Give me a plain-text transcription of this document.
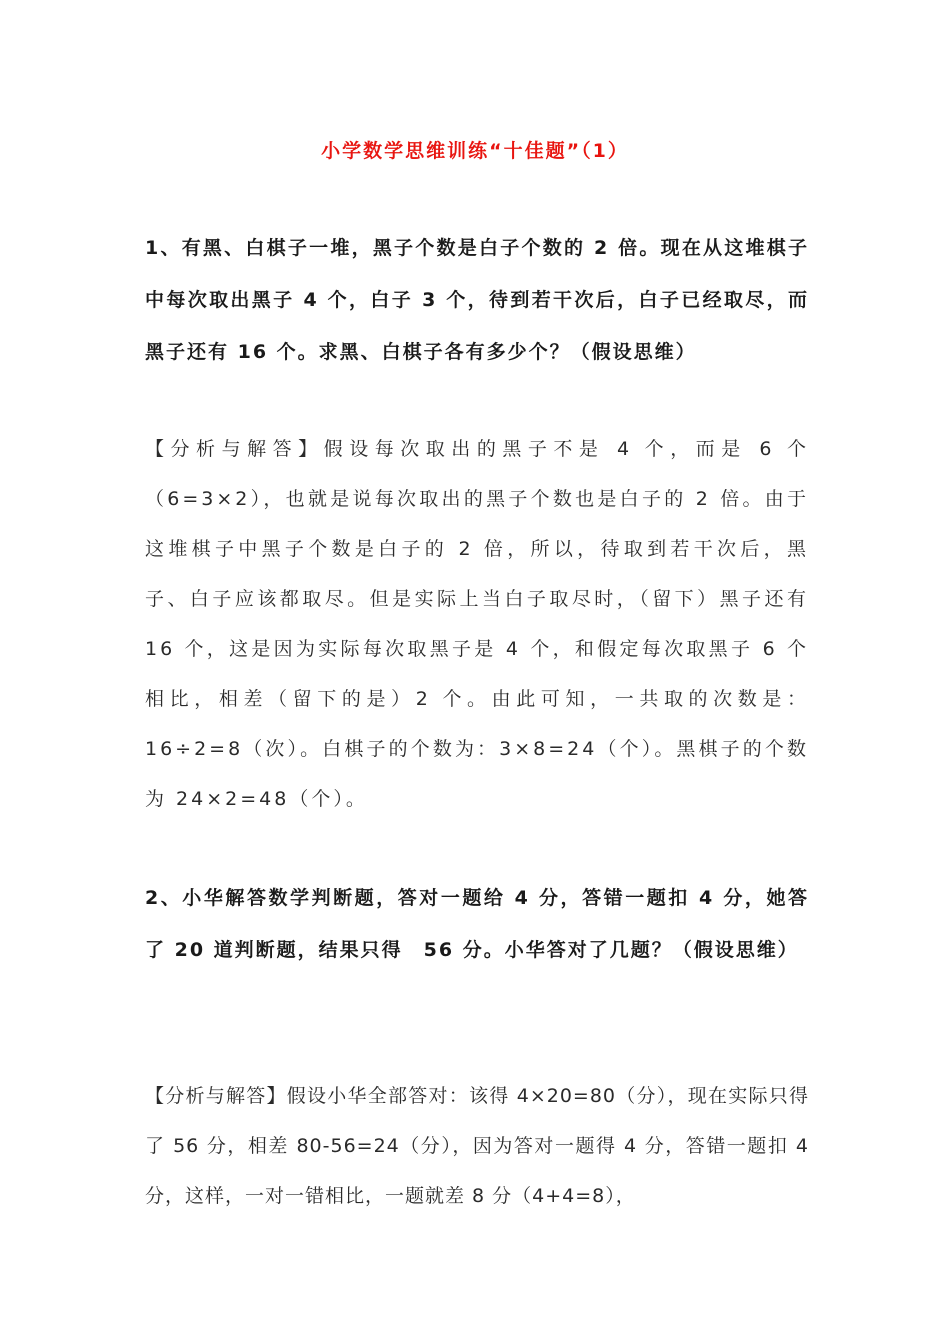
小学数学思维训练“十佳题”（1）

1、有黑、白棋子一堆，黑子个数是白子个数的 2 倍。现在从这堆棋子中每次取出黑子 4 个，白子 3 个，待到若干次后，白子已经取尽，而黑子还有 16 个。求黑、白棋子各有多少个？（假设思维）

【分析与解答】假设每次取出的黑子不是 4 个，而是 6 个（6=3×2），也就是说每次取出的黑子个数也是白子的 2 倍。由于这堆棋子中黑子个数是白子的 2 倍，所以，待取到若干次后，黑子、白子应该都取尽。但是实际上当白子取尽时，（留下）黑子还有 16 个，这是因为实际每次取黑子是 4 个，和假定每次取黑子 6 个相比，相差（留下的是）2 个。由此可知，一共取的次数是：16÷2=8（次）。白棋子的个数为：3×8=24（个）。黑棋子的个数为 24×2=48（个）。

2、小华解答数学判断题，答对一题给 4 分，答错一题扣 4 分，她答了 20 道判断题，结果只得　56 分。小华答对了几题？（假设思维）

【分析与解答】假设小华全部答对：该得 4×20=80（分），现在实际只得了 56 分，相差 80-56=24（分），因为答对一题得 4 分，答错一题扣 4 分，这样，一对一错相比，一题就差 8 分（4+4=8），
